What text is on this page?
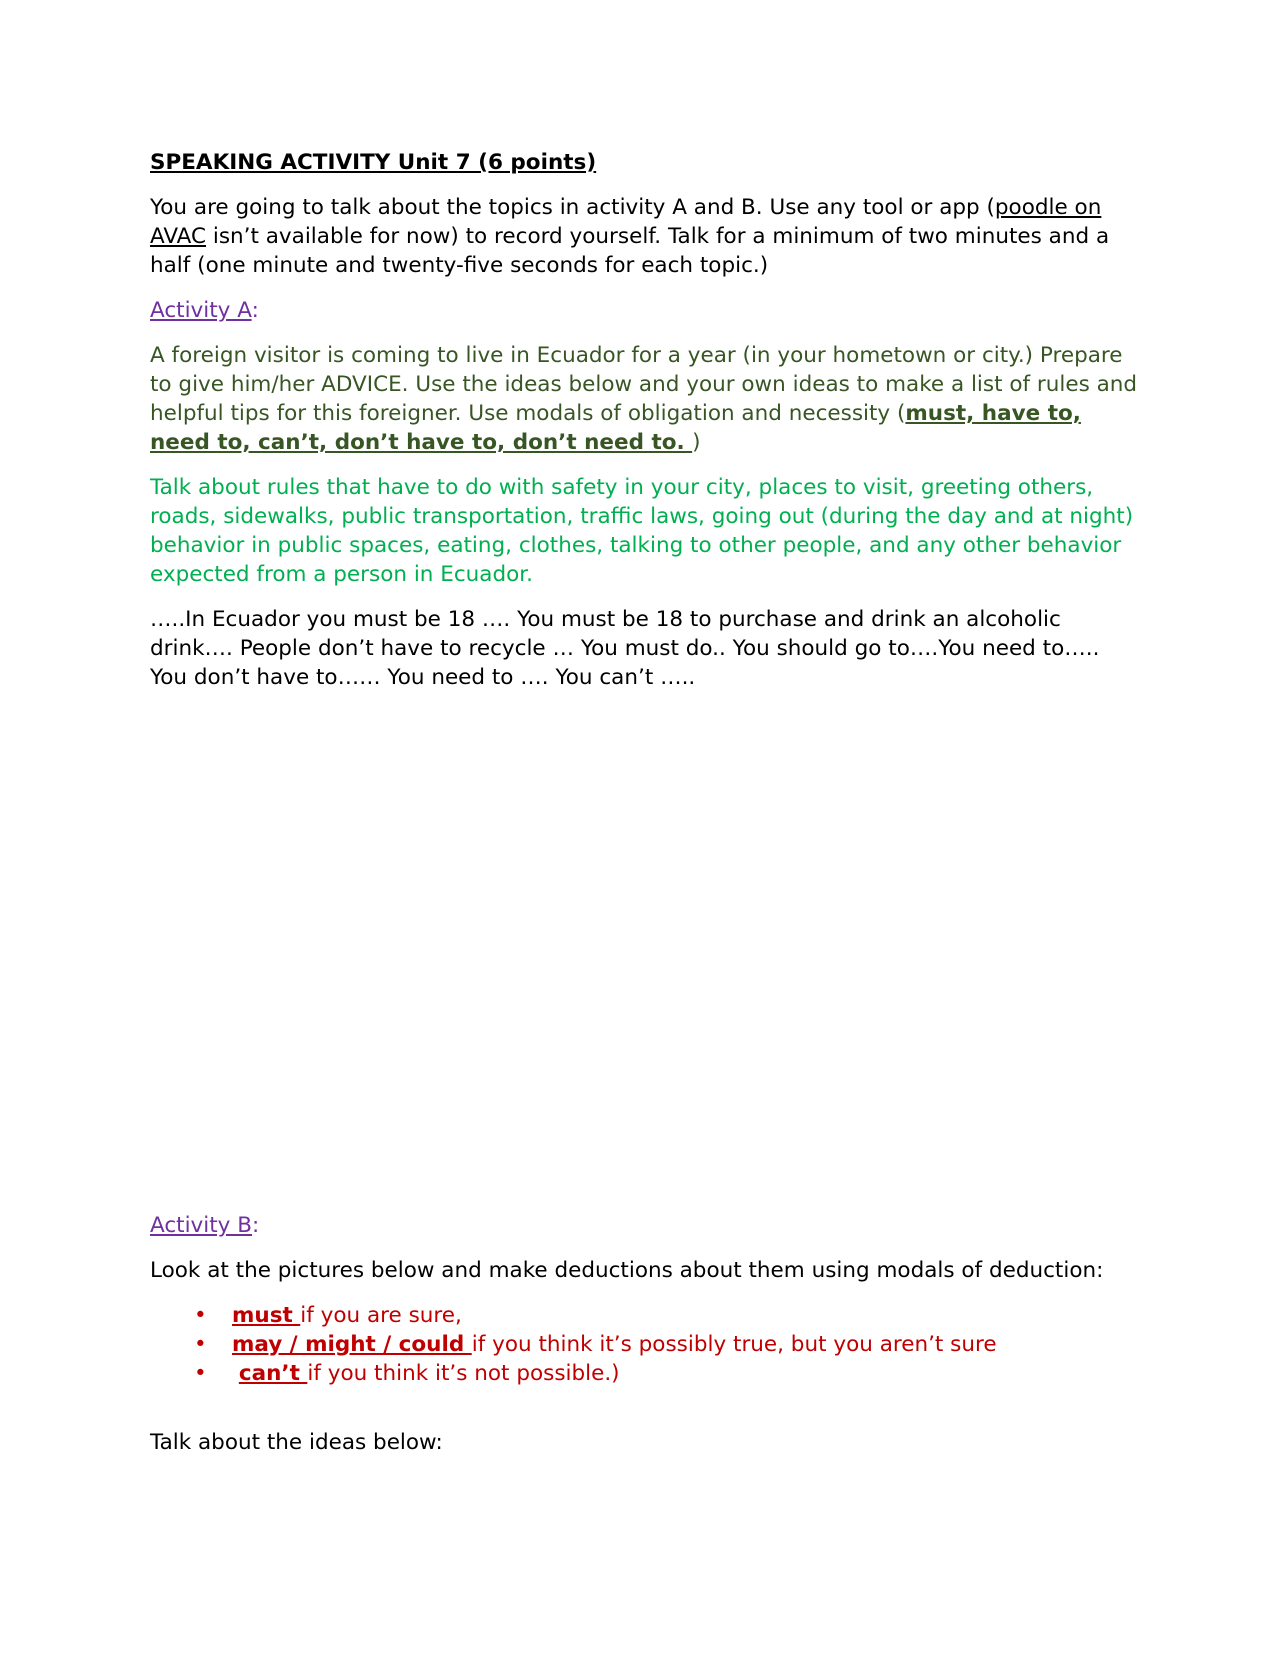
SPEAKING ACTIVITY Unit 7 (6 points)

You are going to talk about the topics in activity A and B. Use any tool or app (poodle on AVAC isn’t available for now) to record yourself. Talk for a minimum of two minutes and a half (one minute and twenty-five seconds for each topic.)

Activity A:

A foreign visitor is coming to live in Ecuador for a year (in your hometown or city.) Prepare to give him/her ADVICE. Use the ideas below and your own ideas to make a list of rules and helpful tips for this foreigner. Use modals of obligation and necessity (must, have to, need to, can’t, don’t have to, don’t need to. )

Talk about rules that have to do with safety in your city, places to visit, greeting others, roads, sidewalks, public transportation, traffic laws, going out (during the day and at night) behavior in public spaces, eating, clothes, talking to other people, and any other behavior expected from a person in Ecuador.

…..In Ecuador you must be 18 …. You must be 18 to purchase and drink an alcoholic drink…. People don’t have to recycle … You must do.. You should go to….You need to….. You don’t have to…… You need to …. You can’t …..

Activity B:

Look at the pictures below and make deductions about them using modals of deduction:

•	must if you are sure,
•	may / might / could if you think it’s possibly true, but you aren’t sure
•	can’t if you think it’s not possible.)

Talk about the ideas below:
